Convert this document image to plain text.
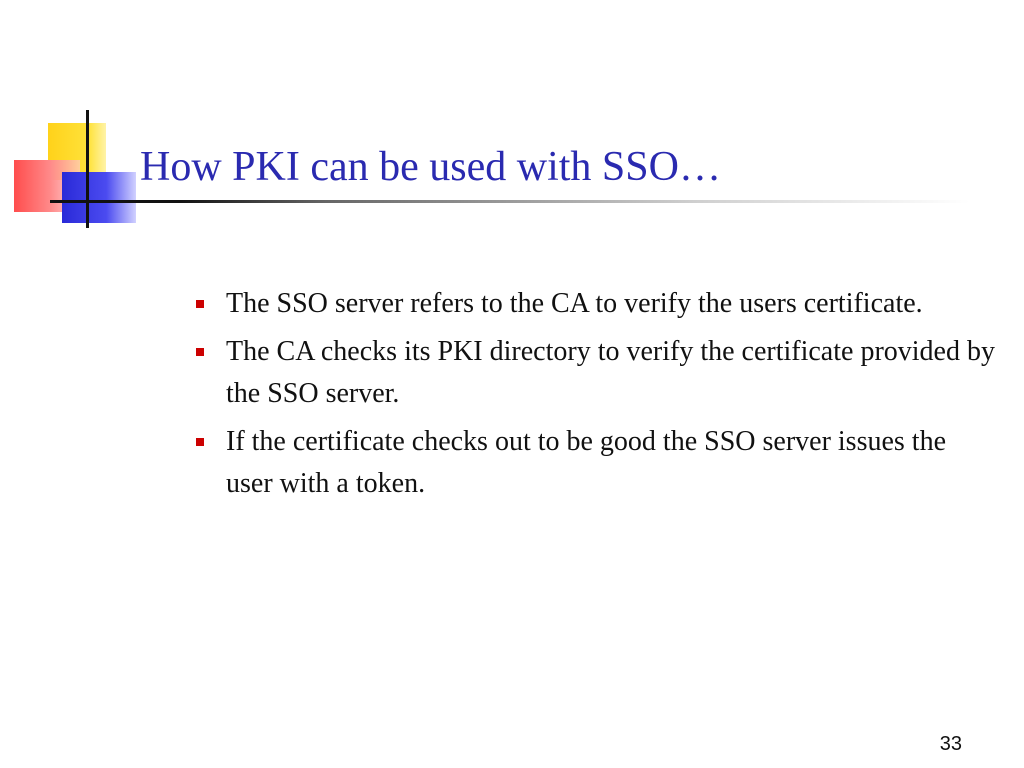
How PKI can be used with SSO…
The SSO server refers to the CA to verify the users certificate.
The CA checks its PKI directory to verify the certificate provided by the SSO server.
If the certificate checks out to be good the SSO server issues the user with a token.
33
